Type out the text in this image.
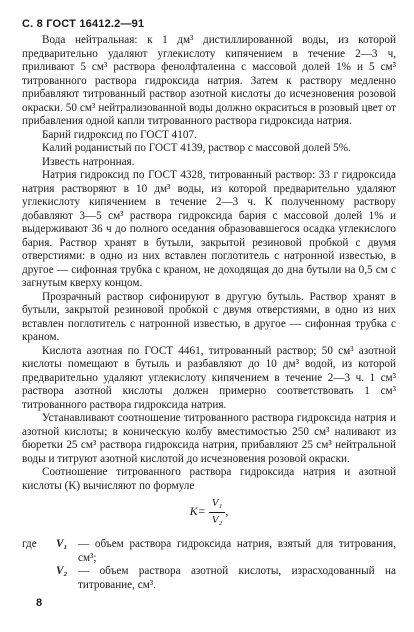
С. 8 ГОСТ 16412.2—91

Вода нейтральная: к 1 дм³ дистиллированной воды, из которой предварительно удаляют углекислоту кипячением в течение 2—3 ч, приливают 5 см³ раствора фенолфталеина с массовой долей 1% и 5 см³ титрованного раствора гидроксида натрия. Затем к раствору медленно прибавляют титрованный раствор азотной кислоты до исчезновения розовой окраски. 50 см³ нейтрализованной воды должно окраситься в розовый цвет от прибавления одной капли титрованного раствора гидроксида натрия.

Барий гидроксид по ГОСТ 4107.

Калий роданистый по ГОСТ 4139, раствор с массовой долей 5%.

Известь натронная.

Натрия гидроксид по ГОСТ 4328, титрованный раствор: 33 г гидроксида натрия растворяют в 10 дм³ воды, из которой предварительно удаляют углекислоту кипячением в течение 2—3 ч. К полученному раствору добавляют 3—5 см³ раствора гидроксида бария с массовой долей 1% и выдерживают 36 ч до полного оседания образовавшегося осадка углекислого бария. Раствор хранят в бутыли, закрытой резиновой пробкой с двумя отверстиями: в одно из них вставлен поглотитель с натронной известью, в другое — сифонная трубка с краном, не доходящая до дна бутыли на 0,5 см с загнутым кверху концом.

Прозрачный раствор сифонируют в другую бутыль. Раствор хранят в бутыли, закрытой резиновой пробкой с двумя отверстиями, в одно из них вставлен поглотитель с натронной известью, в другое — сифонная трубка с краном.

Кислота азотная по ГОСТ 4461, титрованный раствор; 50 см³ азотной кислоты помещают в бутыль и разбавляют до 10 дм³ водой, из которой предварительно удаляют углекислоту кипячением в течение 2—3 ч. 1 см³ раствора азотной кислоты должен примерно соответствовать 1 см³ титрованного раствора гидроксида натрия.

Устанавливают соотношение титрованного раствора гидроксида натрия и азотной кислоты; в коническую колбу вместимостью 250 см³ наливают из бюретки 25 см³ раствора гидроксида натрия, прибавляют 25 см³ нейтральной воды и титруют азотной кислотой до исчезновения розовой окраски.

Соотношение титрованного раствора гидроксида натрия и азотной кислоты (K) вычисляют по формуле

$K = \frac{\text{V₁}}{\text{V₂}}$ ,
где	V₁ — объем раствора гидроксида натрия, взятый для титрования, см³;
V₂ — объем раствора азотной кислоты, израсходованный на титрование, см³.
8
